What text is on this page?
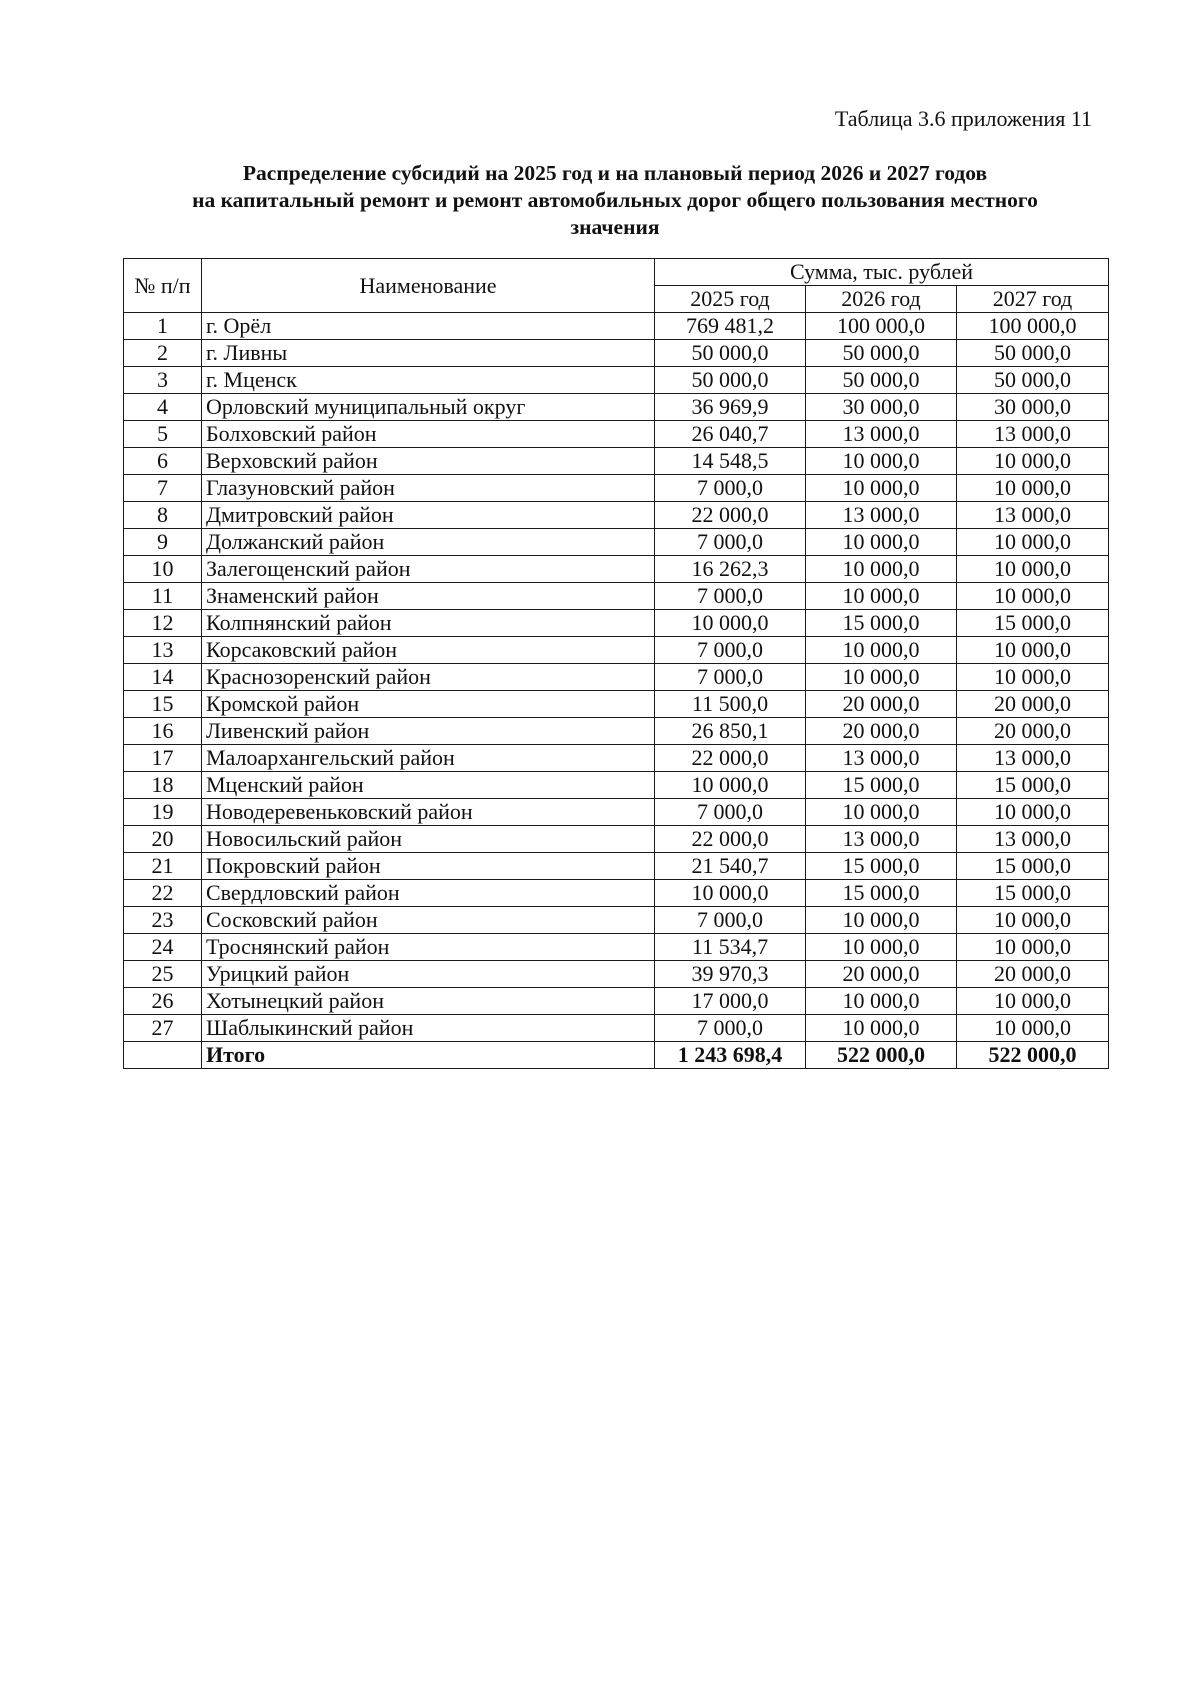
Таблица 3.6 приложения 11
Распределение субсидий на 2025 год и на плановый период 2026 и 2027 годов
на капитальный ремонт и ремонт автомобильных дорог общего пользования местного
значения
№ п/п	Наименование	Сумма, тыс. рублей		
		2025 год	2026 год	2027 год
1	г. Орёл	769 481,2	100 000,0	100 000,0
2	г. Ливны	50 000,0	50 000,0	50 000,0
3	г. Мценск	50 000,0	50 000,0	50 000,0
4	Орловский муниципальный округ	36 969,9	30 000,0	30 000,0
5	Болховский район	26 040,7	13 000,0	13 000,0
6	Верховский район	14 548,5	10 000,0	10 000,0
7	Глазуновский район	7 000,0	10 000,0	10 000,0
8	Дмитровский район	22 000,0	13 000,0	13 000,0
9	Должанский район	7 000,0	10 000,0	10 000,0
10	Залегощенский район	16 262,3	10 000,0	10 000,0
11	Знаменский район	7 000,0	10 000,0	10 000,0
12	Колпнянский район	10 000,0	15 000,0	15 000,0
13	Корсаковский район	7 000,0	10 000,0	10 000,0
14	Краснозоренский район	7 000,0	10 000,0	10 000,0
15	Кромской район	11 500,0	20 000,0	20 000,0
16	Ливенский район	26 850,1	20 000,0	20 000,0
17	Малоархангельский район	22 000,0	13 000,0	13 000,0
18	Мценский район	10 000,0	15 000,0	15 000,0
19	Новодеревеньковский район	7 000,0	10 000,0	10 000,0
20	Новосильский район	22 000,0	13 000,0	13 000,0
21	Покровский район	21 540,7	15 000,0	15 000,0
22	Свердловский район	10 000,0	15 000,0	15 000,0
23	Сосковский район	7 000,0	10 000,0	10 000,0
24	Троснянский район	11 534,7	10 000,0	10 000,0
25	Урицкий район	39 970,3	20 000,0	20 000,0
26	Хотынецкий район	17 000,0	10 000,0	10 000,0
27	Шаблыкинский район	7 000,0	10 000,0	10 000,0
	Итого	1 243 698,4	522 000,0	522 000,0
